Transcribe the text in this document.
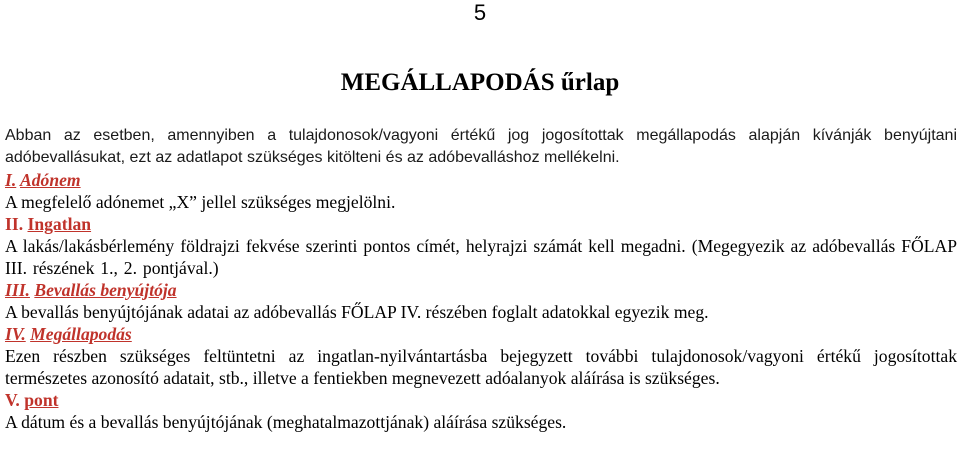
5
MEGÁLLAPODÁS űrlap

Abban az esetben, amennyiben a tulajdonosok/vagyoni értékű jog jogosítottak megállapodás alapján kívánják benyújtani adóbevallásukat, ezt az adatlapot szükséges kitölteni és az adóbevalláshoz mellékelni.

I. Adónem

A megfelelő adónemet „X” jellel szükséges megjelölni.

II. Ingatlan

A lakás/lakásbérlemény földrajzi fekvése szerinti pontos címét, helyrajzi számát kell megadni. (Megegyezik az adóbevallás FŐLAP III. részének 1., 2. pontjával.)

III. Bevallás benyújtója

A bevallás benyújtójának adatai az adóbevallás FŐLAP IV. részében foglalt adatokkal egyezik meg.

IV. Megállapodás

Ezen részben szükséges feltüntetni az ingatlan-nyilvántartásba bejegyzett további tulajdonosok/vagyoni értékű jogosítottak természetes azonosító adatait, stb., illetve a fentiekben megnevezett adóalanyok aláírása is szükséges.

V. pont

A dátum és a bevallás benyújtójának (meghatalmazottjának) aláírása szükséges.
